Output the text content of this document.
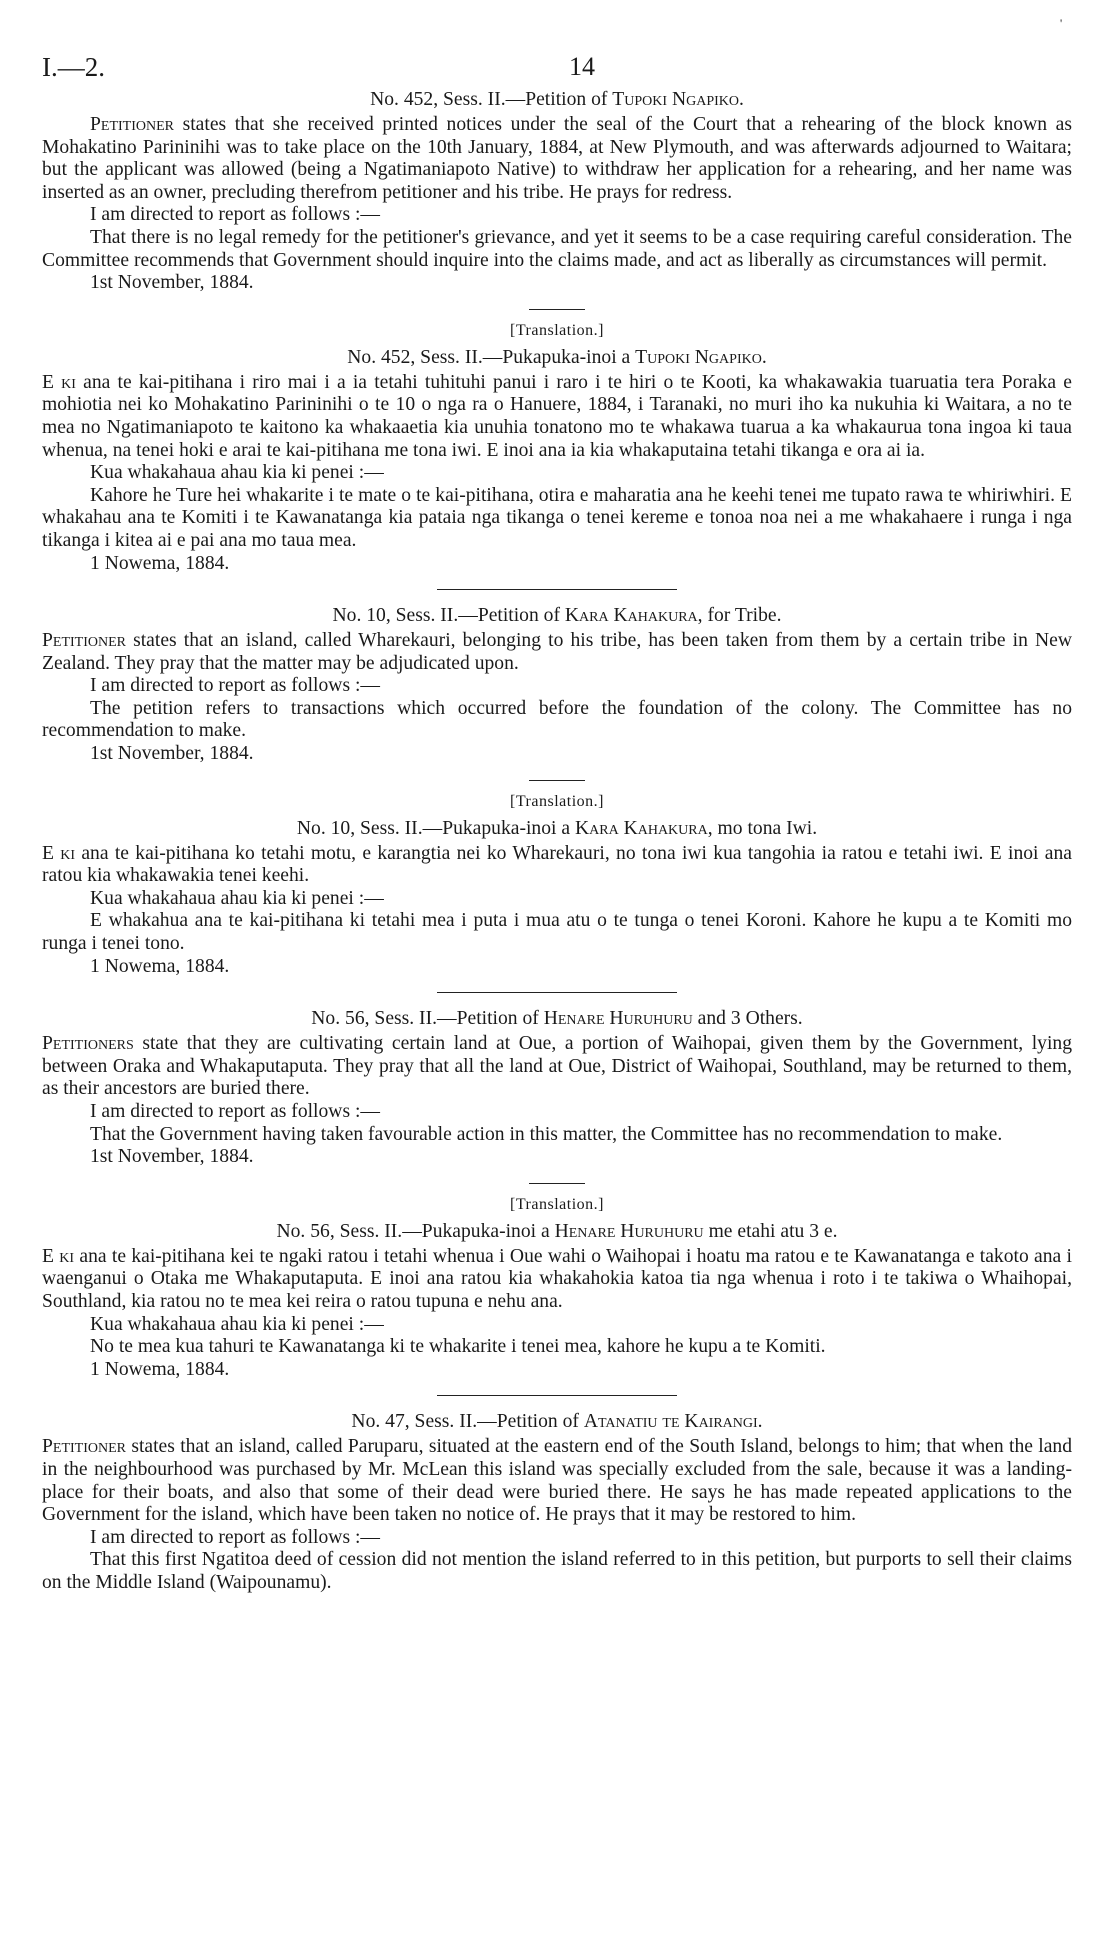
I.—2.	14
'
No. 452, Sess. II.—Petition of Tupoki Ngapiko.

Petitioner states that she received printed notices under the seal of the Court that a rehearing of the block known as Mohakatino Parininihi was to take place on the 10th January, 1884, at New Plymouth, and was afterwards adjourned to Waitara; but the applicant was allowed (being a Ngatimaniapoto Native) to withdraw her application for a rehearing, and her name was inserted as an owner, precluding therefrom petitioner and his tribe. He prays for redress.

I am directed to report as follows :—

That there is no legal remedy for the petitioner's grievance, and yet it seems to be a case requiring careful consideration. The Committee recommends that Government should inquire into the claims made, and act as liberally as circumstances will permit.

1st November, 1884.

[Translation.]
No. 452, Sess. II.—Pukapuka-inoi a Tupoki Ngapiko.

E ki ana te kai-pitihana i riro mai i a ia tetahi tuhituhi panui i raro i te hiri o te Kooti, ka whakawakia tuaruatia tera Poraka e mohiotia nei ko Mohakatino Parininihi o te 10 o nga ra o Hanuere, 1884, i Taranaki, no muri iho ka nukuhia ki Waitara, a no te mea no Ngatimaniapoto te kaitono ka whakaaetia kia unuhia tonatono mo te whakawa tuarua a ka whakaurua tona ingoa ki taua whenua, na tenei hoki e arai te kai-pitihana me tona iwi. E inoi ana ia kia whakaputaina tetahi tikanga e ora ai ia.

Kua whakahaua ahau kia ki penei :—

Kahore he Ture hei whakarite i te mate o te kai-pitihana, otira e maharatia ana he keehi tenei me tupato rawa te whiriwhiri. E whakahau ana te Komiti i te Kawanatanga kia pataia nga tikanga o tenei kereme e tonoa noa nei a me whakahaere i runga i nga tikanga i kitea ai e pai ana mo taua mea.

1 Nowema, 1884.

No. 10, Sess. II.—Petition of Kara Kahakura, for Tribe.

Petitioner states that an island, called Wharekauri, belonging to his tribe, has been taken from them by a certain tribe in New Zealand. They pray that the matter may be adjudicated upon.

I am directed to report as follows :—

The petition refers to transactions which occurred before the foundation of the colony. The Committee has no recommendation to make.

1st November, 1884.

[Translation.]
No. 10, Sess. II.—Pukapuka-inoi a Kara Kahakura, mo tona Iwi.

E ki ana te kai-pitihana ko tetahi motu, e karangtia nei ko Wharekauri, no tona iwi kua tangohia ia ratou e tetahi iwi. E inoi ana ratou kia whakawakia tenei keehi.

Kua whakahaua ahau kia ki penei :—

E whakahua ana te kai-pitihana ki tetahi mea i puta i mua atu o te tunga o tenei Koroni. Kahore he kupu a te Komiti mo runga i tenei tono.

1 Nowema, 1884.

No. 56, Sess. II.—Petition of Henare Huruhuru and 3 Others.

Petitioners state that they are cultivating certain land at Oue, a portion of Waihopai, given them by the Government, lying between Oraka and Whakaputaputa. They pray that all the land at Oue, District of Waihopai, Southland, may be returned to them, as their ancestors are buried there.

I am directed to report as follows :—

That the Government having taken favourable action in this matter, the Committee has no recommendation to make.

1st November, 1884.

[Translation.]
No. 56, Sess. II.—Pukapuka-inoi a Henare Huruhuru me etahi atu 3 e.

E ki ana te kai-pitihana kei te ngaki ratou i tetahi whenua i Oue wahi o Waihopai i hoatu ma ratou e te Kawanatanga e takoto ana i waenganui o Otaka me Whakaputaputa. E inoi ana ratou kia whakahokia katoa tia nga whenua i roto i te takiwa o Whaihopai, Southland, kia ratou no te mea kei reira o ratou tupuna e nehu ana.

Kua whakahaua ahau kia ki penei :—

No te mea kua tahuri te Kawanatanga ki te whakarite i tenei mea, kahore he kupu a te Komiti.

1 Nowema, 1884.

No. 47, Sess. II.—Petition of Atanatiu te Kairangi.

Petitioner states that an island, called Paruparu, situated at the eastern end of the South Island, belongs to him; that when the land in the neighbourhood was purchased by Mr. McLean this island was specially excluded from the sale, because it was a landing-place for their boats, and also that some of their dead were buried there. He says he has made repeated applications to the Government for the island, which have been taken no notice of. He prays that it may be restored to him.

I am directed to report as follows :—

That this first Ngatitoa deed of cession did not mention the island referred to in this petition, but purports to sell their claims on the Middle Island (Waipounamu).
